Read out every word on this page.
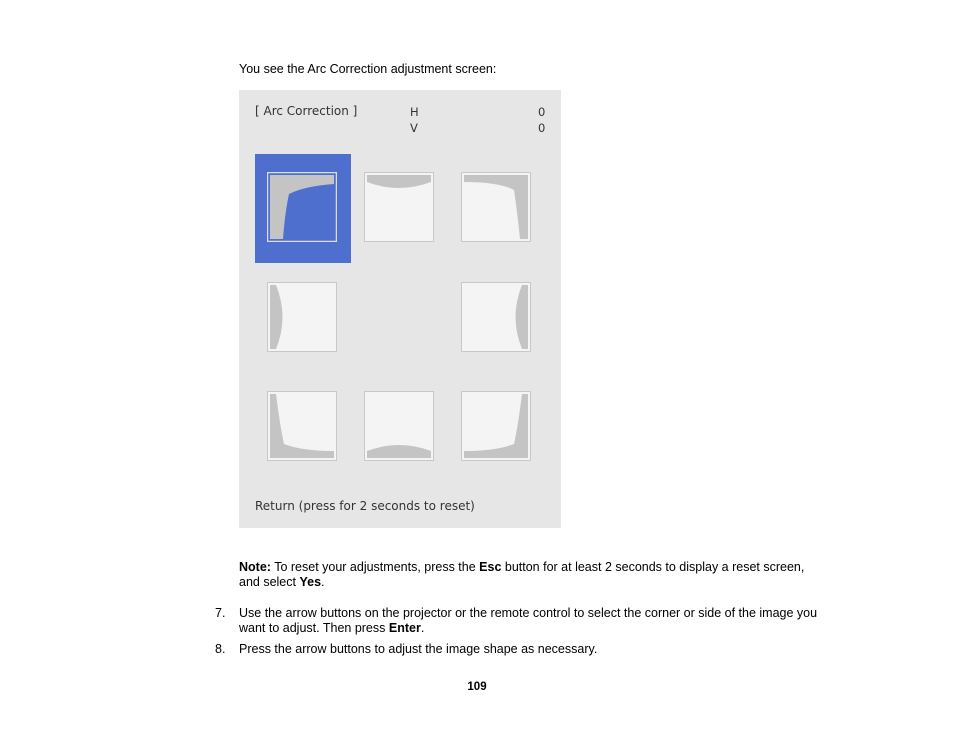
You see the Arc Correction adjustment screen:
[ Arc Correction ]	H
V
0
0
Return (press for 2 seconds to reset)
Note: To reset your adjustments, press the Esc button for at least 2 seconds to display a reset screen, and select Yes.
7. Use the arrow buttons on the projector or the remote control to select the corner or side of the image you want to adjust. Then press Enter.
8. Press the arrow buttons to adjust the image shape as necessary.
109
